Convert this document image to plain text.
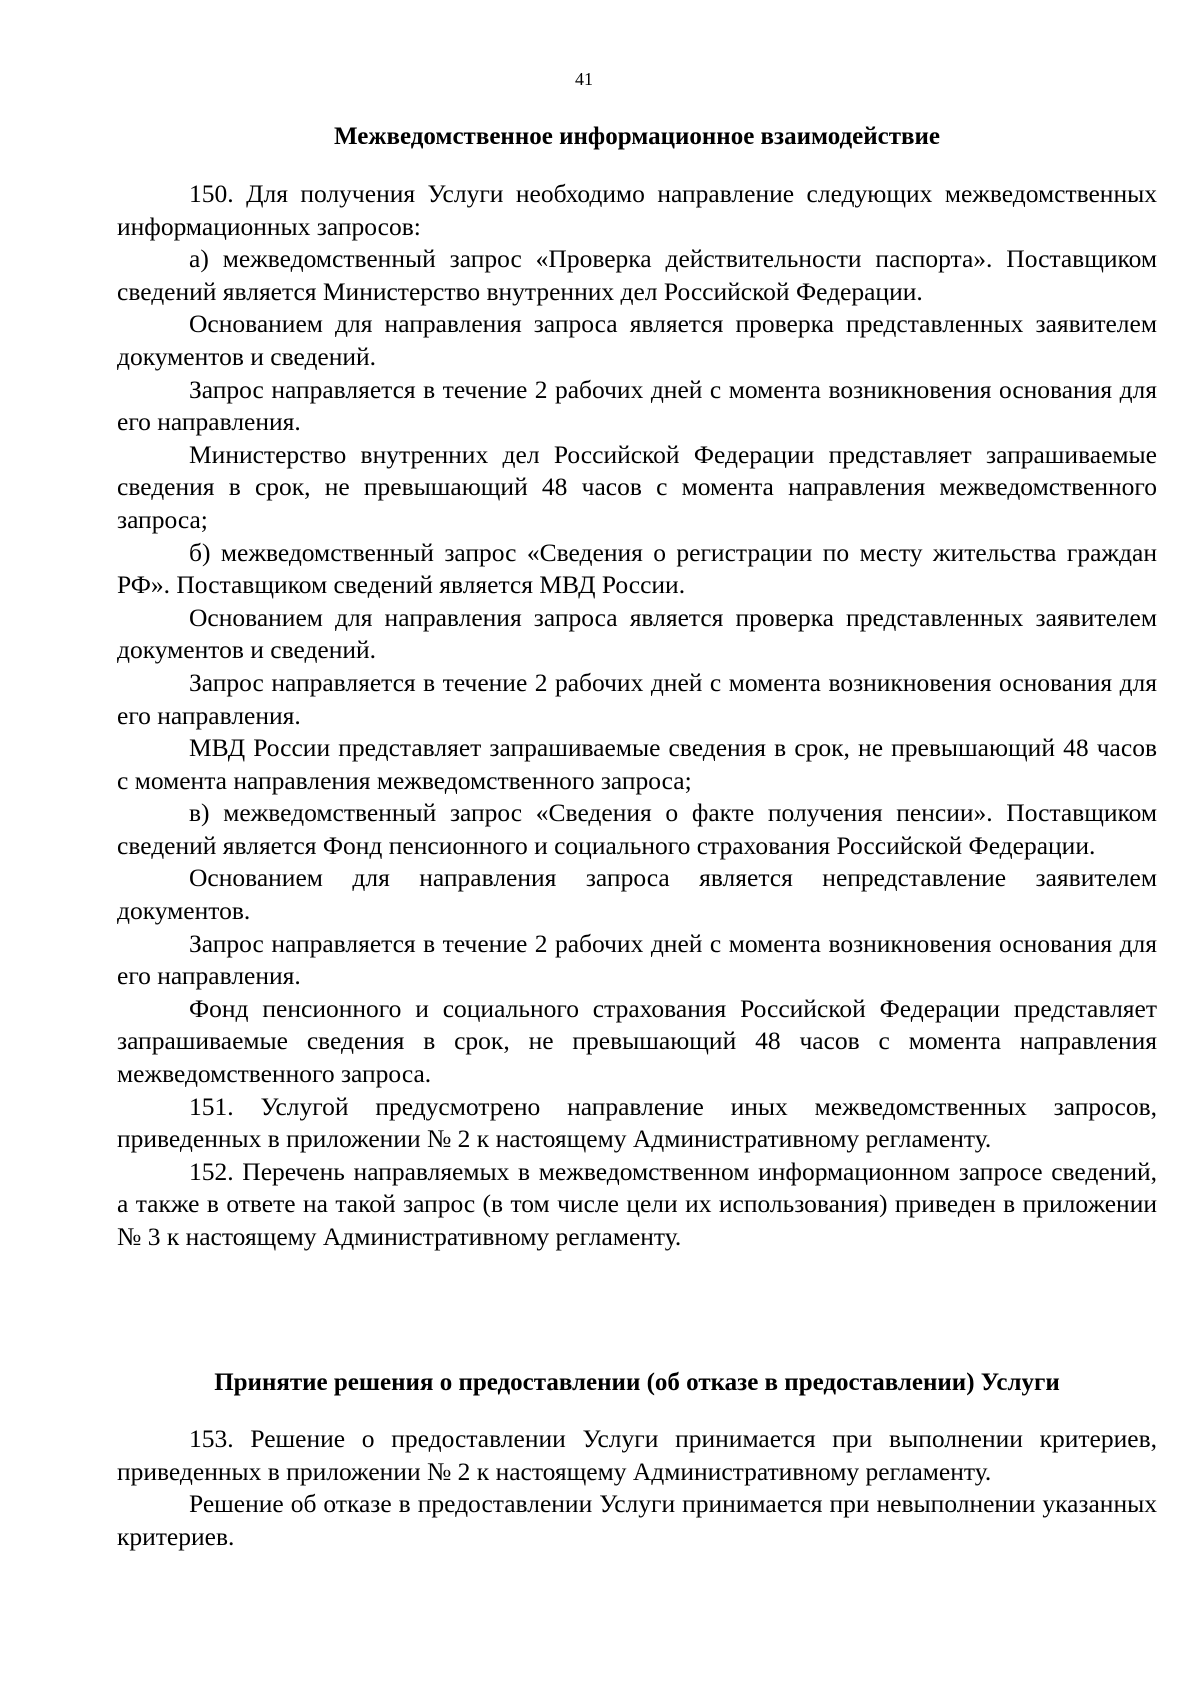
41
Межведомственное информационное взаимодействие

150. Для получения Услуги необходимо направление следующих межведомственных информационных запросов:

а) межведомственный запрос «Проверка действительности паспорта». Поставщиком сведений является Министерство внутренних дел Российской Федерации.

Основанием для направления запроса является проверка представленных заявителем документов и сведений.

Запрос направляется в течение 2 рабочих дней с момента возникновения основания для его направления.

Министерство внутренних дел Российской Федерации представляет запрашиваемые сведения в срок, не превышающий 48 часов с момента направления межведомственного запроса;

б) межведомственный запрос «Сведения о регистрации по месту жительства граждан РФ». Поставщиком сведений является МВД России.

Основанием для направления запроса является проверка представленных заявителем документов и сведений.

Запрос направляется в течение 2 рабочих дней с момента возникновения основания для его направления.

МВД России представляет запрашиваемые сведения в срок, не превышающий 48 часов с момента направления межведомственного запроса;

в) межведомственный запрос «Сведения о факте получения пенсии». Поставщиком сведений является Фонд пенсионного и социального страхования Российской Федерации.

Основанием для направления запроса является непредставление заявителем документов.

Запрос направляется в течение 2 рабочих дней с момента возникновения основания для его направления.

Фонд пенсионного и социального страхования Российской Федерации представляет запрашиваемые сведения в срок, не превышающий 48 часов с момента направления межведомственного запроса.

151. Услугой предусмотрено направление иных межведомственных запросов, приведенных в приложении № 2 к настоящему Административному регламенту.

152. Перечень направляемых в межведомственном информационном запросе сведений, а также в ответе на такой запрос (в том числе цели их использования) приведен в приложении № 3 к настоящему Административному регламенту.

Принятие решения о предоставлении (об отказе в предоставлении) Услуги

153. Решение о предоставлении Услуги принимается при выполнении критериев, приведенных в приложении № 2 к настоящему Административному регламенту.

Решение об отказе в предоставлении Услуги принимается при невыполнении указанных критериев.
